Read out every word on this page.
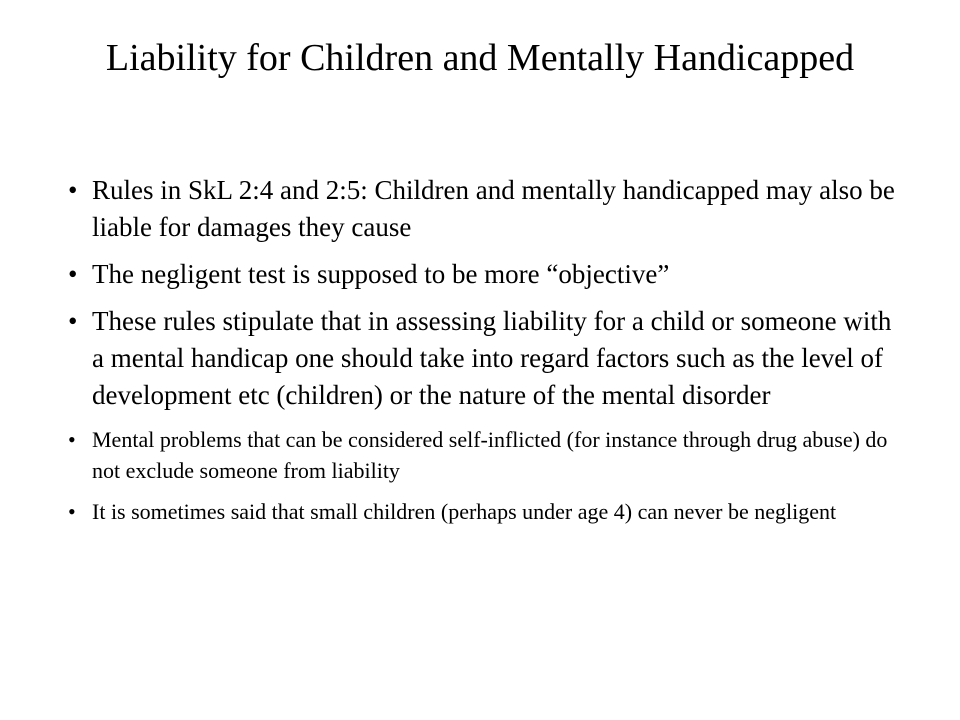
Liability for Children and Mentally Handicapped
• Rules in SkL 2:4 and 2:5: Children and mentally handicapped may also be liable for damages they cause
• The negligent test is supposed to be more “objective”
• These rules stipulate that in assessing liability for a child or someone with a mental handicap one should take into regard factors such as the level of development etc (children) or the nature of the mental disorder
• Mental problems that can be considered self-inflicted (for instance through drug abuse) do not exclude someone from liability
• It is sometimes said that small children (perhaps under age 4) can never be negligent
